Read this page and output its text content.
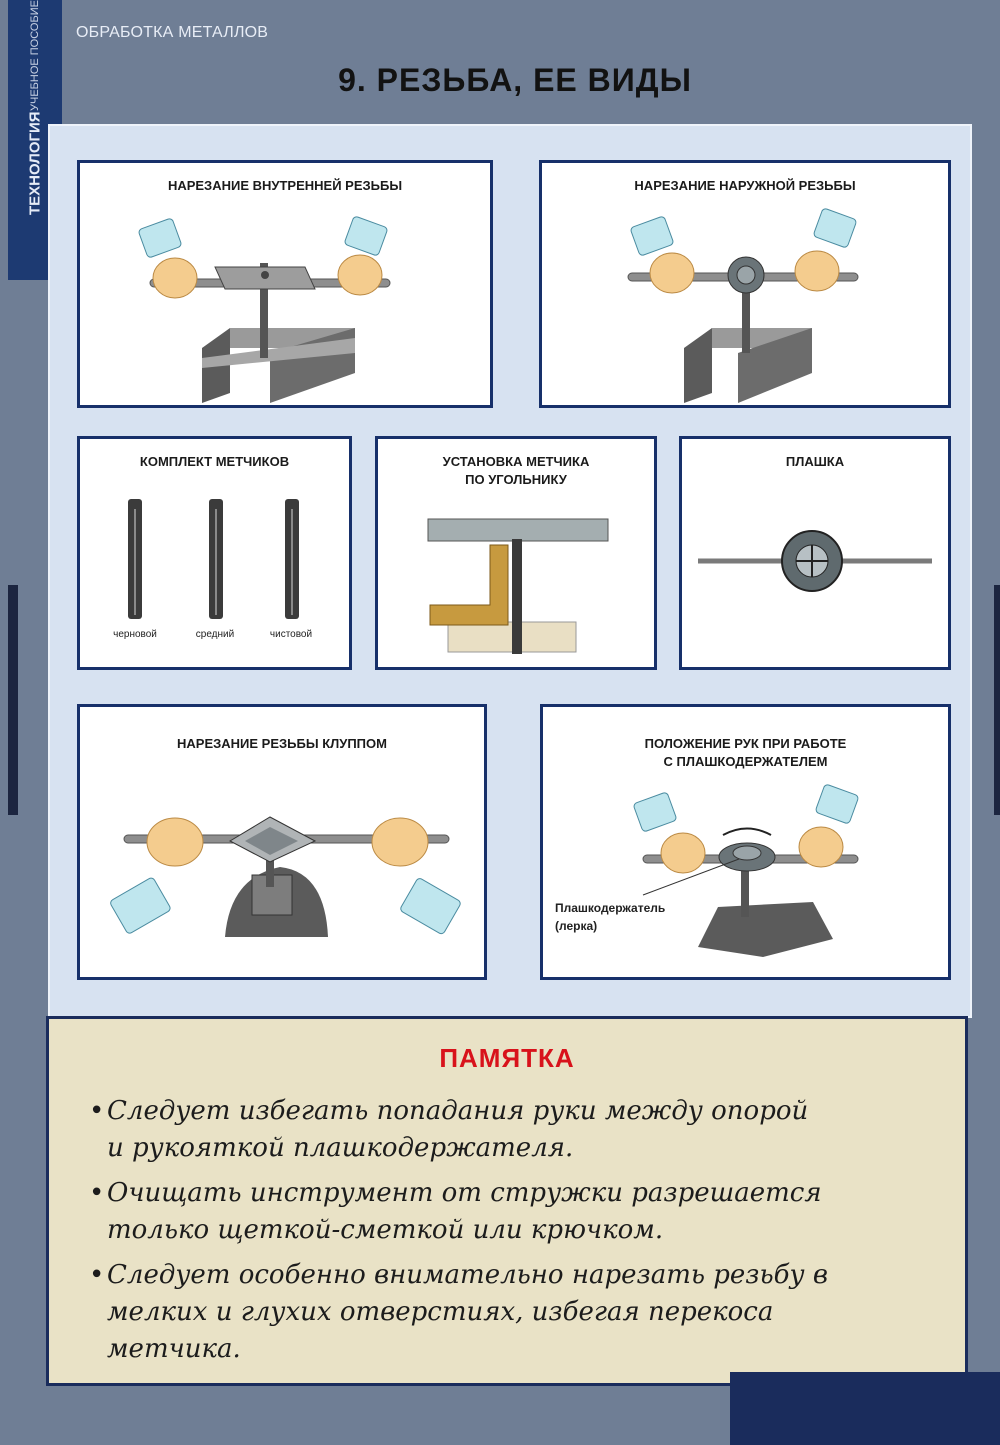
ТЕХНОЛОГИЯ
УЧЕБНОЕ ПОСОБИЕ ОБРАБОТКА МЕТАЛЛОВ
9. РЕЗЬБА, ЕЕ ВИДЫ
НАРЕЗАНИЕ ВНУТРЕННЕЙ РЕЗЬБЫ	НАРЕЗАНИЕ НАРУЖНОЙ РЕЗЬБЫ
КОМПЛЕКТ МЕТЧИКОВ
черновой	средний	чистовой
УСТАНОВКА МЕТЧИКА
ПО УГОЛЬНИКУ
ПЛАШКА
НАРЕЗАНИЕ РЕЗЬБЫ КЛУППОМ	ПОЛОЖЕНИЕ РУК ПРИ РАБОТЕ
С ПЛАШКОДЕРЖАТЕЛЕМ
Плашкодержатель
(лерка)
ПАМЯТКА
• Следует избегать попадания руки между опорой
и рукояткой плашкодержателя.
• Очищать инструмент от стружки разрешается
только щеткой-сметкой или крючком.
• Следует особенно внимательно нарезать резьбу в
мелких и глухих отверстиях, избегая перекоса
метчика.
